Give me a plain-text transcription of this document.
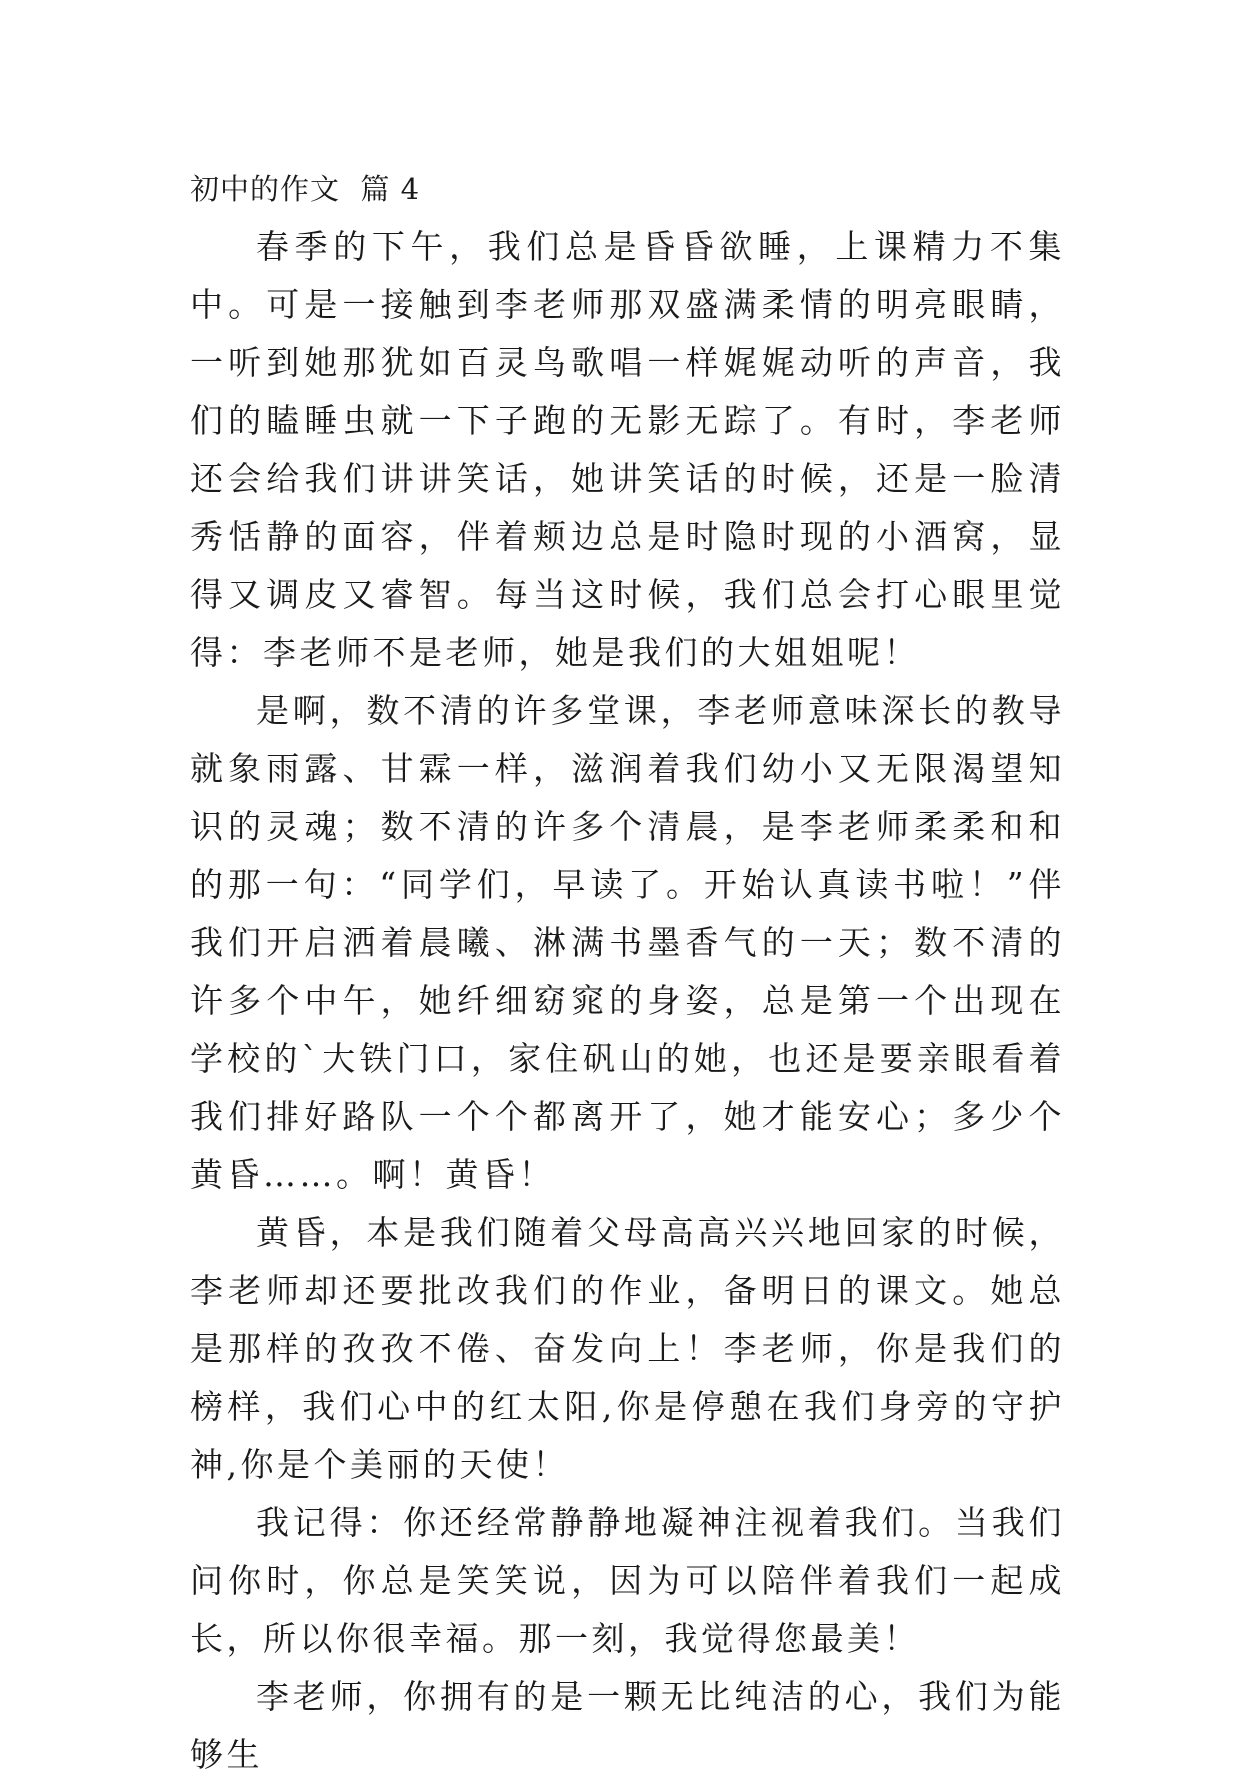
初中的作文  篇 4

春季的下午，我们总是昏昏欲睡，上课精力不集中。可是一接触到李老师那双盛满柔情的明亮眼睛，一听到她那犹如百灵鸟歌唱一样娓娓动听的声音，我们的瞌睡虫就一下子跑的无影无踪了。有时，李老师还会给我们讲讲笑话，她讲笑话的时候，还是一脸清秀恬静的面容，伴着颊边总是时隐时现的小酒窝，显得又调皮又睿智。每当这时候，我们总会打心眼里觉得：李老师不是老师，她是我们的大姐姐呢！

是啊，数不清的许多堂课，李老师意味深长的教导就象雨露、甘霖一样，滋润着我们幼小又无限渴望知识的灵魂；数不清的许多个清晨，是李老师柔柔和和的那一句：“同学们，早读了。开始认真读书啦！”伴我们开启洒着晨曦、淋满书墨香气的一天；数不清的许多个中午，她纤细窈窕的身姿，总是第一个出现在学校的`大铁门口，家住矾山的她，也还是要亲眼看着我们排好路队一个个都离开了，她才能安心；多少个黄昏……。啊！黄昏！

黄昏，本是我们随着父母高高兴兴地回家的时候，李老师却还要批改我们的作业，备明日的课文。她总是那样的孜孜不倦、奋发向上！李老师，你是我们的榜样，我们心中的红太阳,你是停憩在我们身旁的守护神,你是个美丽的天使！

我记得：你还经常静静地凝神注视着我们。当我们问你时，你总是笑笑说，因为可以陪伴着我们一起成长，所以你很幸福。那一刻，我觉得您最美！

李老师，你拥有的是一颗无比纯洁的心，我们为能够生
